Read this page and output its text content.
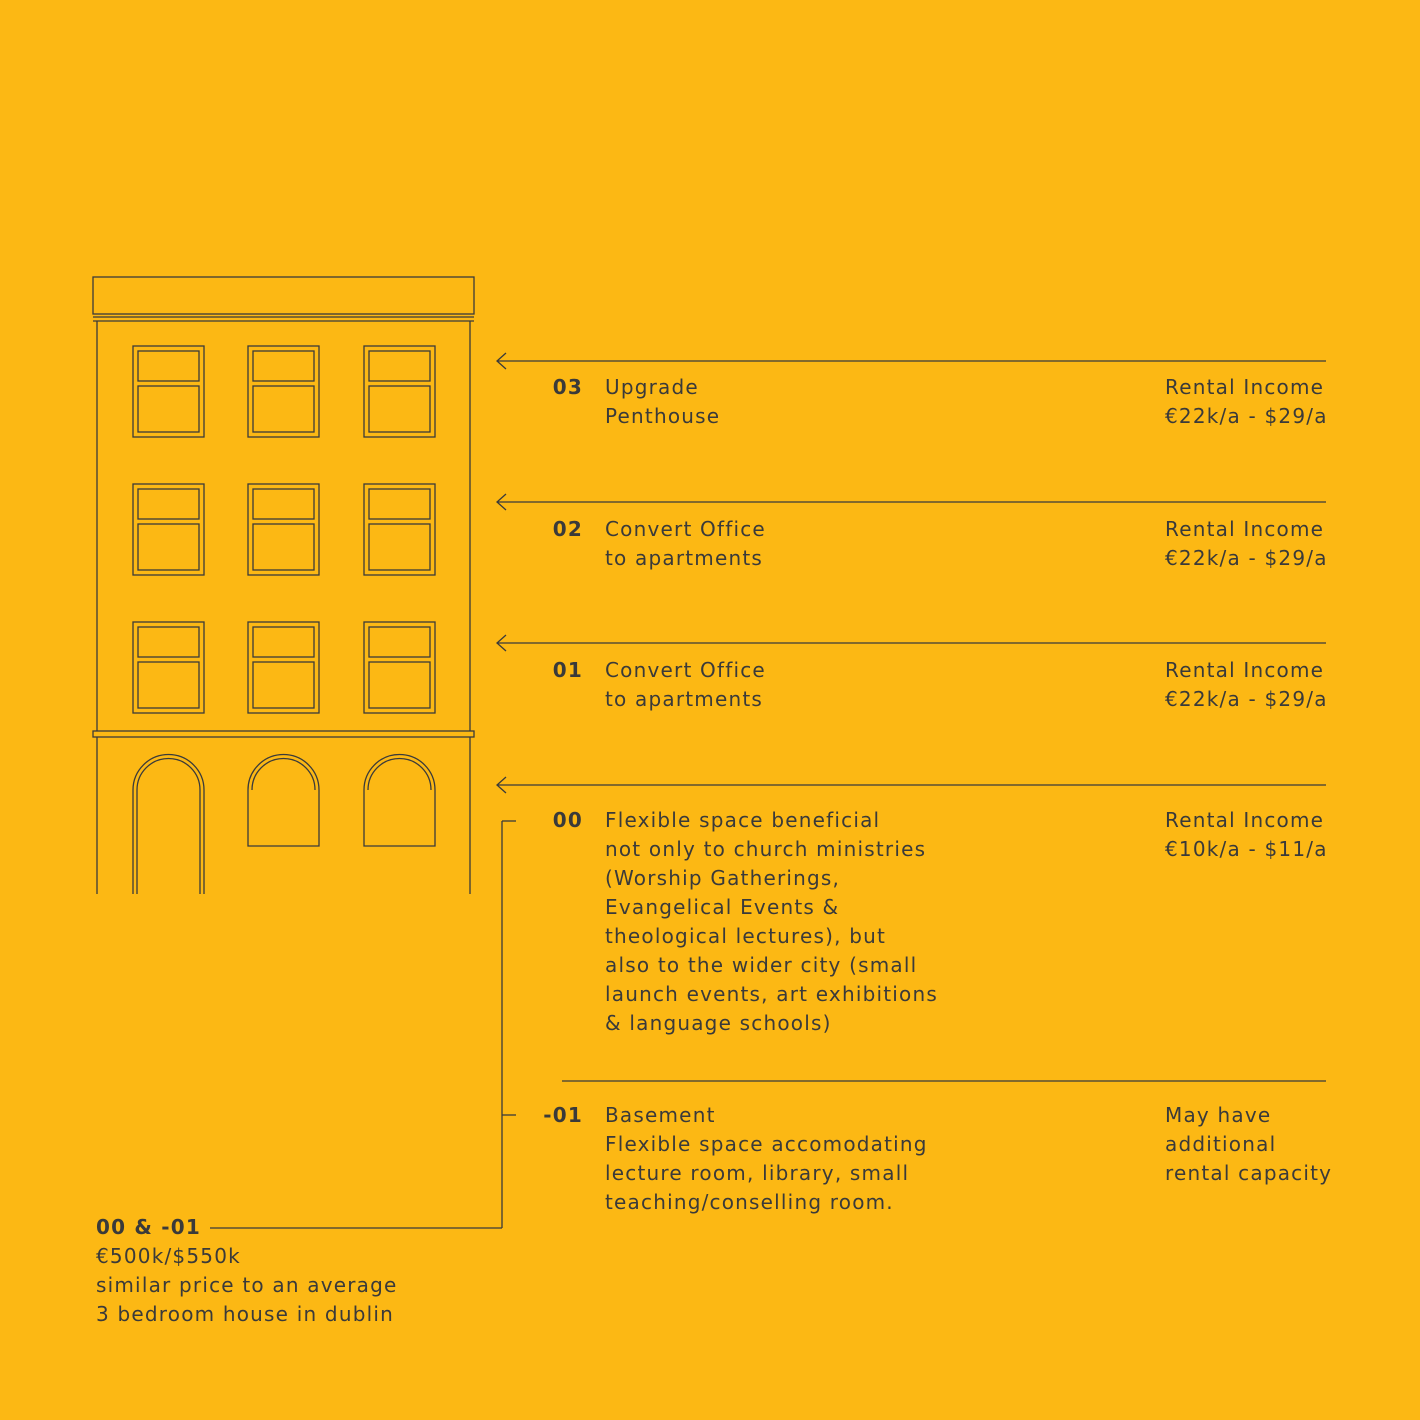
03 Upgrade
Penthouse
Rental Income
€22k/a - $29/a
02 Convert Office
to apartments
Rental Income
€22k/a - $29/a
01 Convert Office
to apartments
Rental Income
€22k/a - $29/a
00 Flexible space beneficial
not only to church ministries
(Worship Gatherings,
Evangelical Events &
theological lectures), but
also to the wider city (small
launch events, art exhibitions
& language schools)
Rental Income
€10k/a - $11/a
-01 Basement
Flexible space accomodating
lecture room, library, small
teaching/conselling room.
May have
additional
rental capacity
00 & -01
€500k/$550k
similar price to an average
3 bedroom house in dublin
